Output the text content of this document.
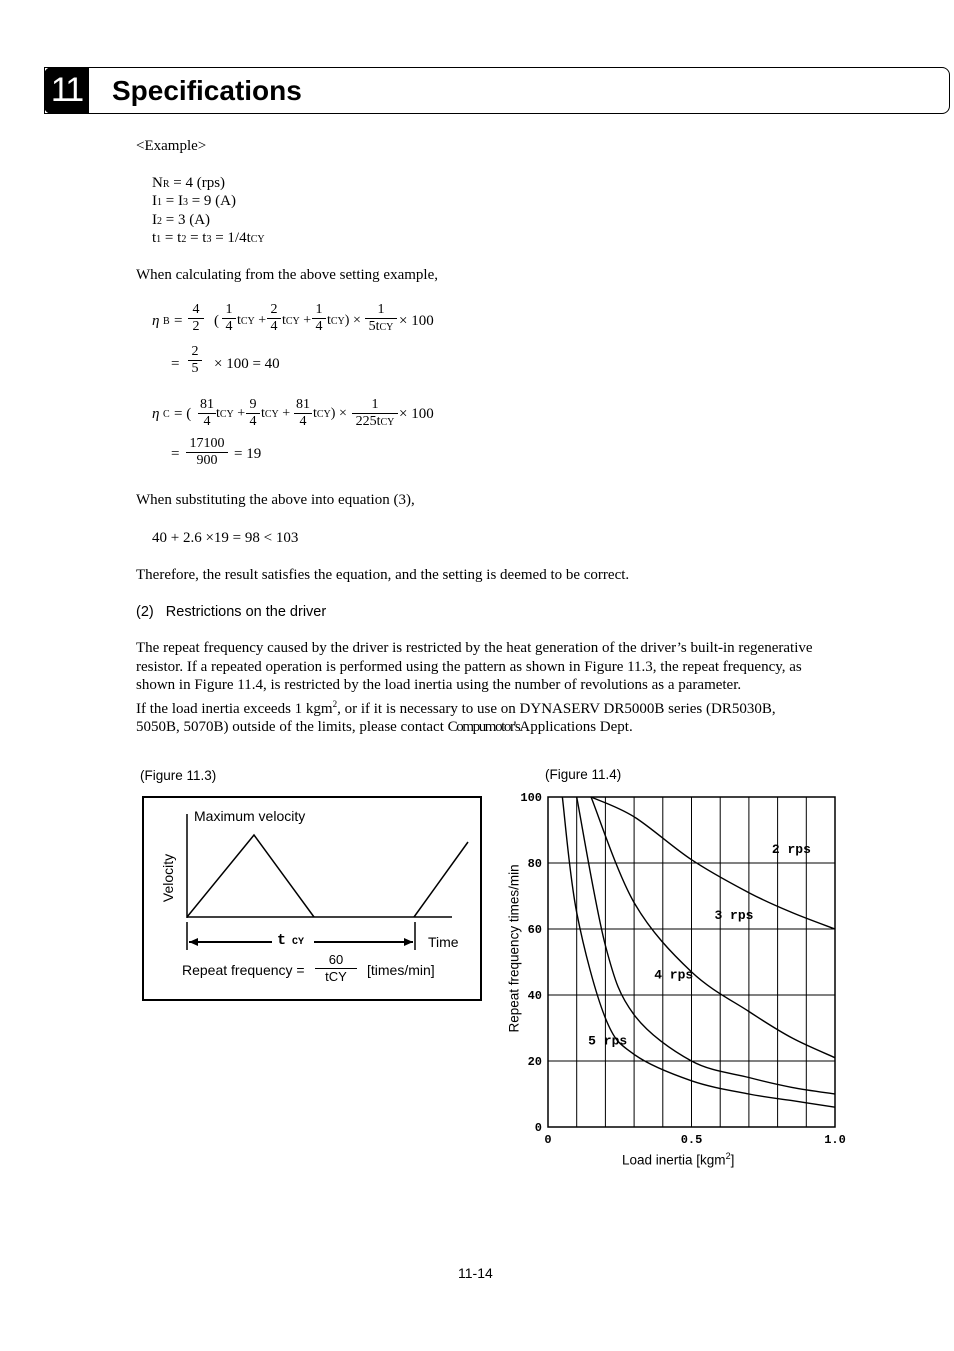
11 Specifications
<Example>
NR = 4 (rps)
I1 = I3 = 9 (A)
I2 = 3 (A)
t1 = t2 = t3 = 1/4tCY
When calculating from the above setting example,
η $B = \frac{4}{2}$ ( $\frac{1}{4}$ tCY + $\frac{2}{4}$ tCY + $\frac{1}{4} tCY$) ×
1
5tCY × 100
= $\frac{2}{5} \times 100 = 40$
η C = ( $\frac{81}{4}$ tCY + $\frac{9}{4}$ tCY + $\frac{81}{4} tCY$) ×
1
225tCY
× 100
= $\frac{17100}{900} = 19$
When substituting the above into equation (3),
40 + 2.6 ×19 = 98 < 103
Therefore, the result satisfies the equation, and the setting is deemed to be correct.
(2)   Restrictions on the driver
The repeat frequency caused by the driver is restricted by the heat generation of the driver’s built-in regenerative
resistor. If a repeated operation is performed using the pattern as shown in Figure 11.3, the repeat frequency, as
shown in Figure 11.4, is restricted by the load inertia using the number of revolutions as a parameter.
If the load inertia exceeds 1 kgm$^2$, or if it is necessary to use on DYNASERV DR5000B series (DR5030B,
5050B, 5070B) outside of the limits, please contact Compumotor'sApplications Dept.
(Figure 11.3)
Maximum velocity
Velocity
Time
t CY
Repeat frequency =
60
tCY	[times/min]
(Figure 11.4)
0
20
40
60
80
100
0	0.5	1.0
2 rps
3 rps
4 rps
5 rps
Repeat frequency times/min
Load inertia [kgm$^2$]
11-14
